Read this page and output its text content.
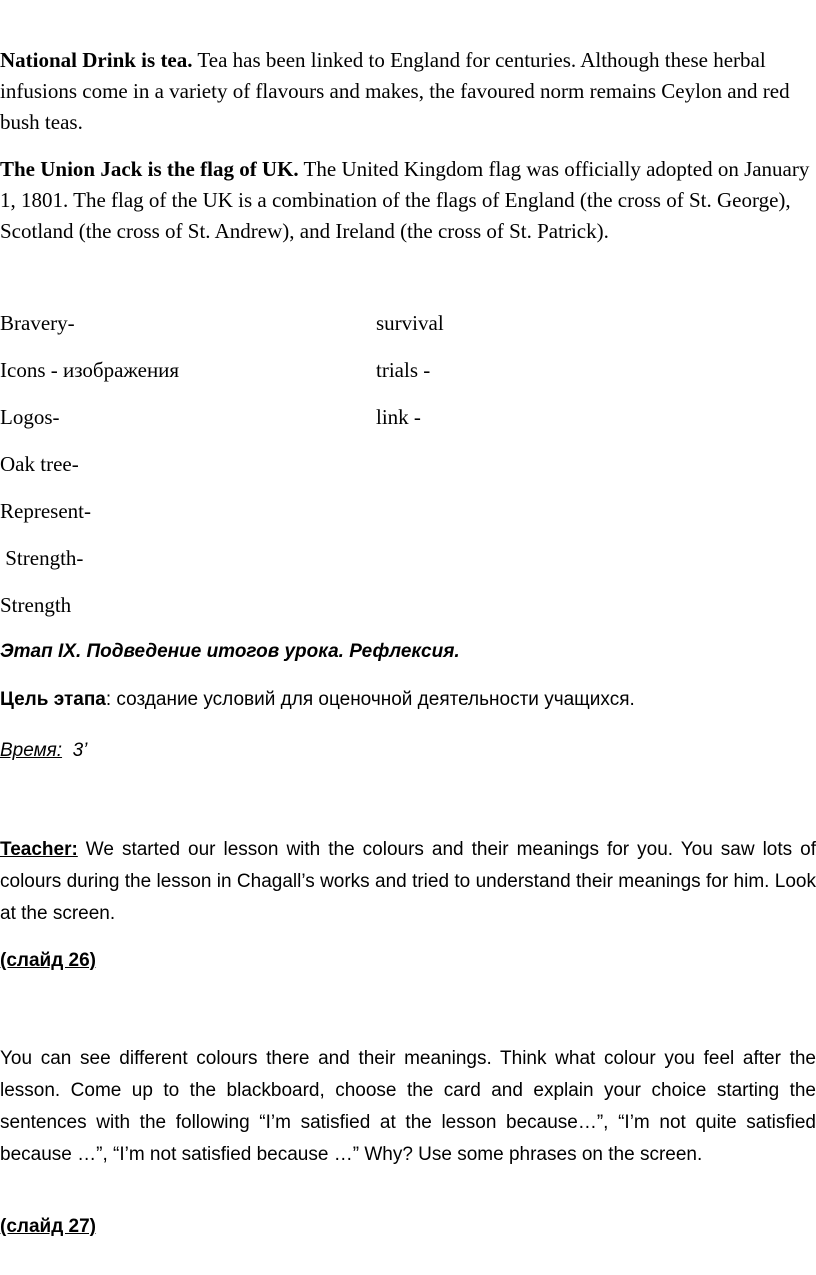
National Drink is tea. Tea has been linked to England for centuries. Although these herbal infusions come in a variety of flavours and makes, the favoured norm remains Ceylon and red bush teas.

The Union Jack is the flag of UK. The United Kingdom flag was officially adopted on January 1, 1801. The flag of the UK is a combination of the flags of England (the cross of St. George), Scotland (the cross of St. Andrew), and Ireland (the cross of St. Patrick).

Bravery-	survival
Icons - изображения	trials -
Logos-	link -
Oak tree-
Represent-

Strength-

Strength
Этап IX. Подведение итогов урока. Рефлексия.
Цель этапа: создание условий для оценочной деятельности учащихся.
Время:  3’

Teacher: We started our lesson with the colours and their meanings for you. You saw lots of colours during the lesson in Chagall’s works and tried to understand their meanings for him. Look at the screen.

(слайд 26)

You can see different colours there and their meanings. Think what colour you feel after the lesson. Come up to the blackboard, choose the card and explain your choice starting the sentences with the following “I’m satisfied at the lesson because…”, “I’m not quite satisfied because …”, “I’m not satisfied because …” Why? Use some phrases on the screen.

(слайд 27)
